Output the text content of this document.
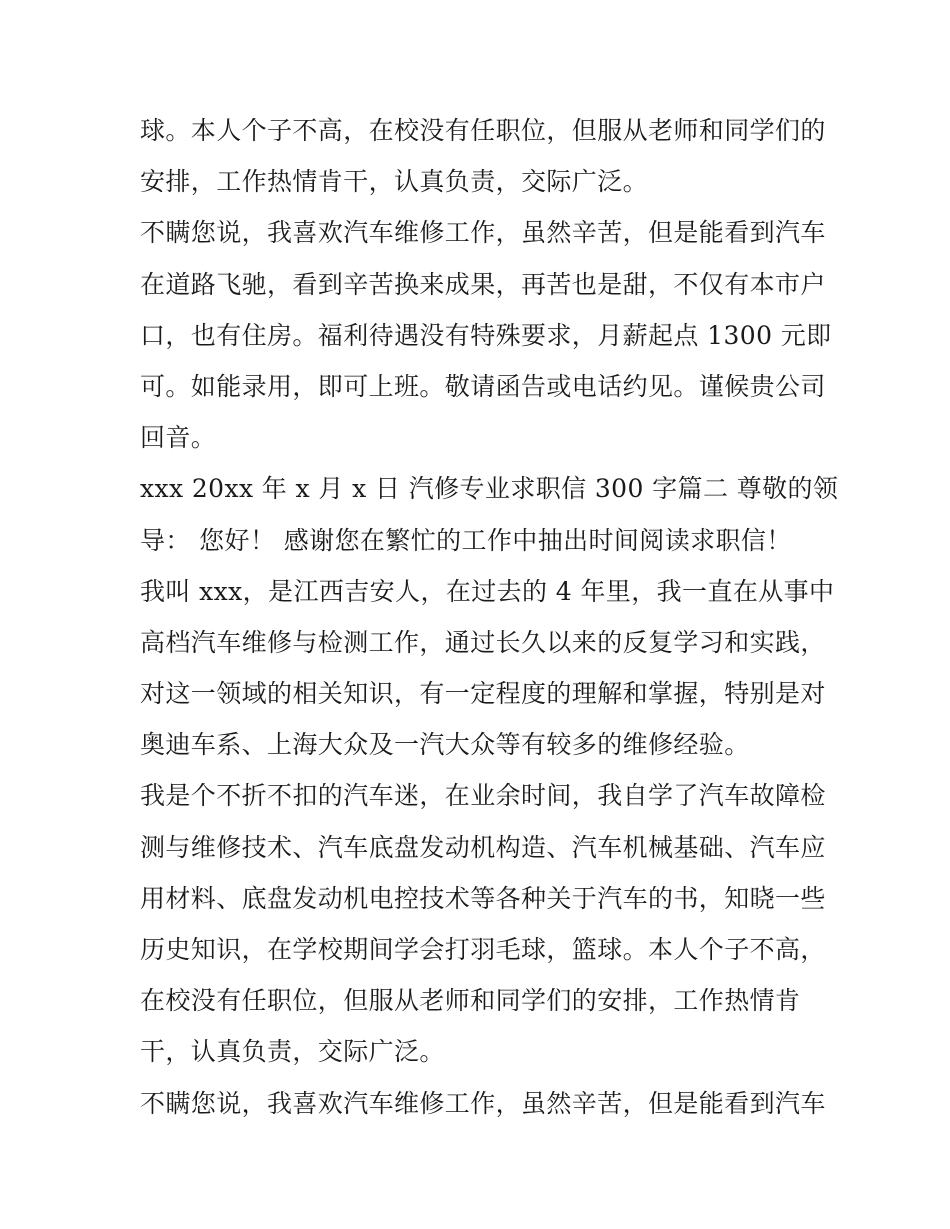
球。本人个子不高，在校没有任职位，但服从老师和同学们的
安排，工作热情肯干，认真负责，交际广泛。
不瞒您说，我喜欢汽车维修工作，虽然辛苦，但是能看到汽车
在道路飞驰，看到辛苦换来成果，再苦也是甜，不仅有本市户
口，也有住房。福利待遇没有特殊要求，月薪起点 1300 元即
可。如能录用，即可上班。敬请函告或电话约见。谨候贵公司
回音。
xxx 20xx 年 x 月 x 日 汽修专业求职信 300 字篇二 尊敬的领
导： 您好！ 感谢您在繁忙的工作中抽出时间阅读求职信！
我叫 xxx，是江西吉安人，在过去的 4 年里，我一直在从事中
高档汽车维修与检测工作，通过长久以来的反复学习和实践，
对这一领域的相关知识，有一定程度的理解和掌握，特别是对
奥迪车系、上海大众及一汽大众等有较多的维修经验。
我是个不折不扣的汽车迷，在业余时间，我自学了汽车故障检
测与维修技术、汽车底盘发动机构造、汽车机械基础、汽车应
用材料、底盘发动机电控技术等各种关于汽车的书，知晓一些
历史知识，在学校期间学会打羽毛球，篮球。本人个子不高，
在校没有任职位，但服从老师和同学们的安排，工作热情肯
干，认真负责，交际广泛。
不瞒您说，我喜欢汽车维修工作，虽然辛苦，但是能看到汽车
